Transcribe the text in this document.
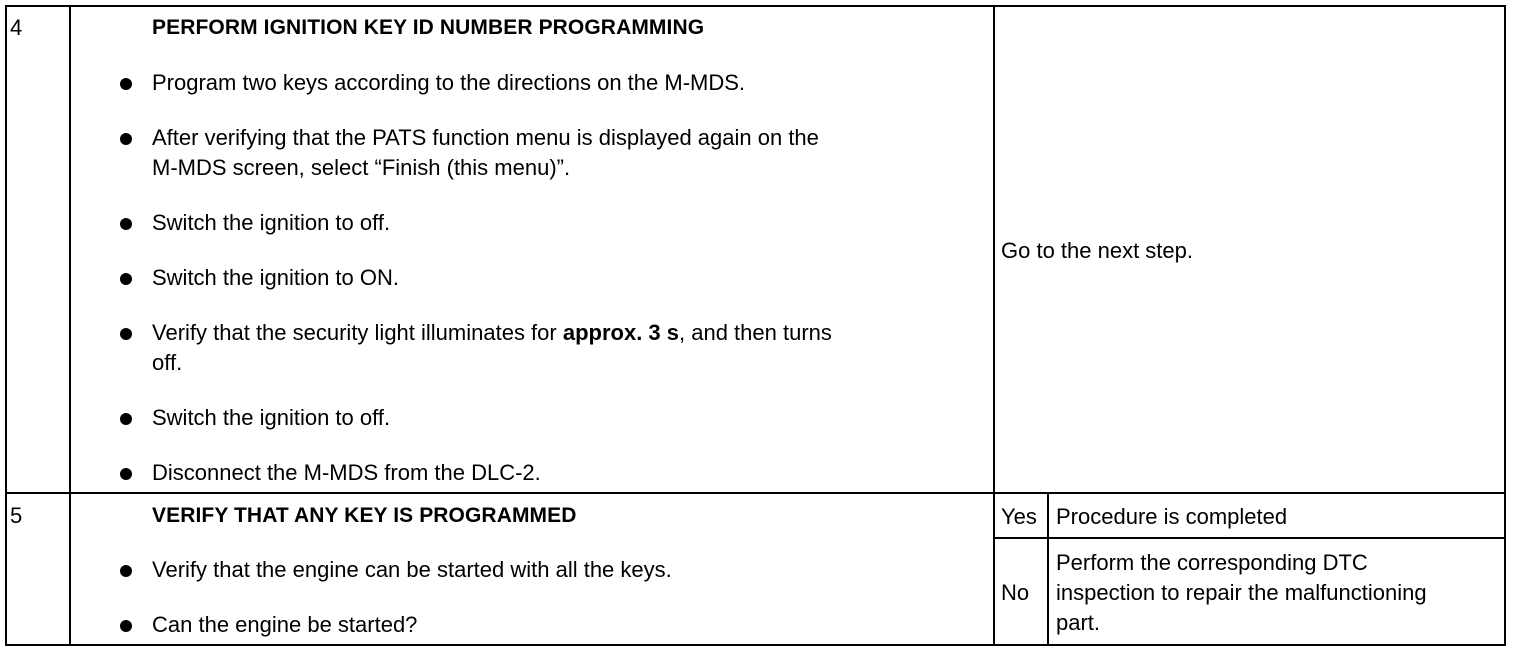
4	PERFORM IGNITION KEY ID NUMBER PROGRAMMING
Program two keys according to the directions on the M-MDS.
After verifying that the PATS function menu is displayed again on the
M-MDS screen, select “Finish (this menu)”.
Switch the ignition to off.
Switch the ignition to ON.
Verify that the security light illuminates for approx. 3 s, and then turns
off.
Switch the ignition to off.
Disconnect the M-MDS from the DLC-2.
Go to the next step.
5	VERIFY THAT ANY KEY IS PROGRAMMED
Verify that the engine can be started with all the keys.
Can the engine be started?
Yes Procedure is completed
No
Perform the corresponding DTC
inspection to repair the malfunctioning
part.
